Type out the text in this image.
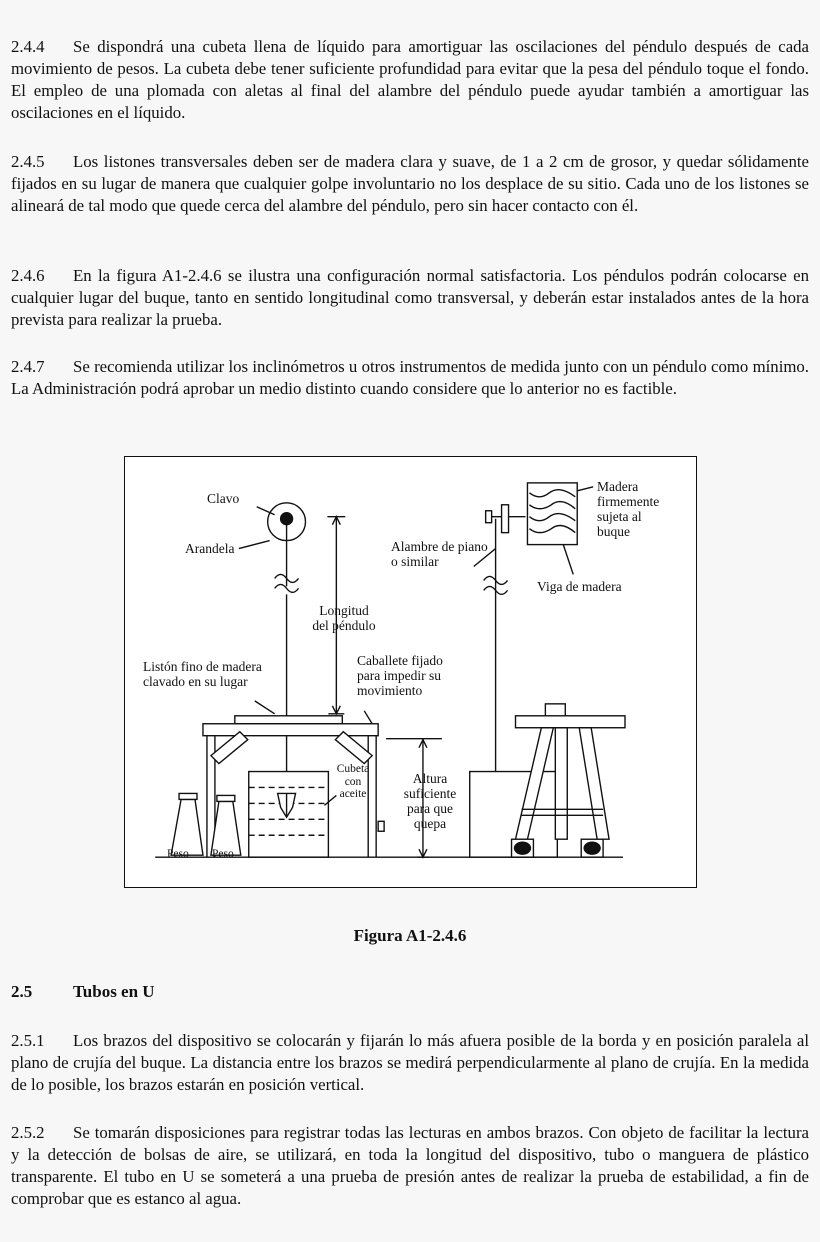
2.4.4 Se dispondrá una cubeta llena de líquido para amortiguar las oscilaciones del péndulo después de cada movimiento de pesos. La cubeta debe tener suficiente profundidad para evitar que la pesa del péndulo toque el fondo. El empleo de una plomada con aletas al final del alambre del péndulo puede ayudar también a amortiguar las oscilaciones en el líquido.

2.4.5 Los listones transversales deben ser de madera clara y suave, de 1 a 2 cm de grosor, y quedar sólidamente fijados en su lugar de manera que cualquier golpe involuntario no los desplace de su sitio. Cada uno de los listones se alineará de tal modo que quede cerca del alambre del péndulo, pero sin hacer contacto con él.

2.4.6 En la figura A1-2.4.6 se ilustra una configuración normal satisfactoria. Los péndulos podrán colocarse en cualquier lugar del buque, tanto en sentido longitudinal como transversal, y deberán estar instalados antes de la hora prevista para realizar la prueba.

2.4.7 Se recomienda utilizar los inclinómetros u otros instrumentos de medida junto con un péndulo como mínimo. La Administración podrá aprobar un medio distinto cuando considere que lo anterior no es factible.

Clavo
Arandela
Longitud
del péndulo
Listón fino de madera
clavado en su lugar
Caballete fijado
para impedir su
movimiento
Cubeta
con
aceite
Altura
suficiente
para que
quepa
Peso Peso
Alambre de piano
o similar
Madera
firmemente
sujeta al
buque
Viga de madera
Figura A1-2.4.6
2.5 Tubos en U

2.5.1 Los brazos del dispositivo se colocarán y fijarán lo más afuera posible de la borda y en posición paralela al plano de crujía del buque. La distancia entre los brazos se medirá perpendicularmente al plano de crujía. En la medida de lo posible, los brazos estarán en posición vertical.

2.5.2 Se tomarán disposiciones para registrar todas las lecturas en ambos brazos. Con objeto de facilitar la lectura y la detección de bolsas de aire, se utilizará, en toda la longitud del dispositivo, tubo o manguera de plástico transparente. El tubo en U se someterá a una prueba de presión antes de realizar la prueba de estabilidad, a fin de comprobar que es estanco al agua.
